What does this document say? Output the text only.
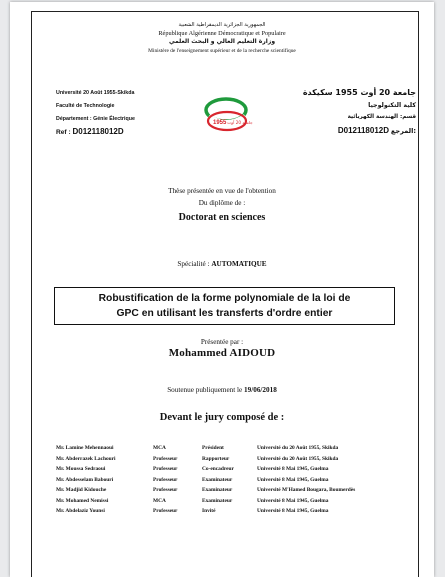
الجمهورية الجزائرية الديمقراطية الشعبية
République Algérienne Démocratique et Populaire
وزارة التعليم العالي و البحث العلمي
Ministère de l'enseignement supérieur et de la recherche scientifique
Université 20 Août 1955-Skikda
Faculté de Technologie
Département : Génie Électrique
Ref : D012118012D
1955 جامعة 20 أوت
جامعة 20 أوت 1955 سكيكدة
كلية التكنولوجيا
قسم: الهندسة الكهربائية
D012118012D المرجع:
Thèse présentée en vue de l'obtention
Du diplôme de :
Doctorat en sciences
Spécialité : AUTOMATIQUE
Robustification de la forme polynomiale de la loi de
GPC en utilisant les transferts d'ordre entier
Présentée par :
Mohammed AIDOUD
Soutenue publiquement le 19/06/2018
Devant le jury composé de :
Mr. Lamine Mehennaoui	MCA	Président	Université du 20 Août 1955, Skikda
Mr. Abderrazek Lachouri	Professeur	Rapporteur	Université du 20 Août 1955, Skikda
Mr. Moussa Sedraoui	Professeur	Co-encadreur	Université 8 Mai 1945, Guelma
Mr. Abdesselam Babouri	Professeur	Examinateur	Université 8 Mai 1945, Guelma
Mr. Madjid Kidouche	Professeur	Examinateur	Université M'Hamed Bougara, Boumerdès
Mr. Mohamed Nemissi	MCA	Examinateur	Université 8 Mai 1945, Guelma
Mr. Abdelaziz Younsi	Professeur	Invité	Université 8 Mai 1945, Guelma
